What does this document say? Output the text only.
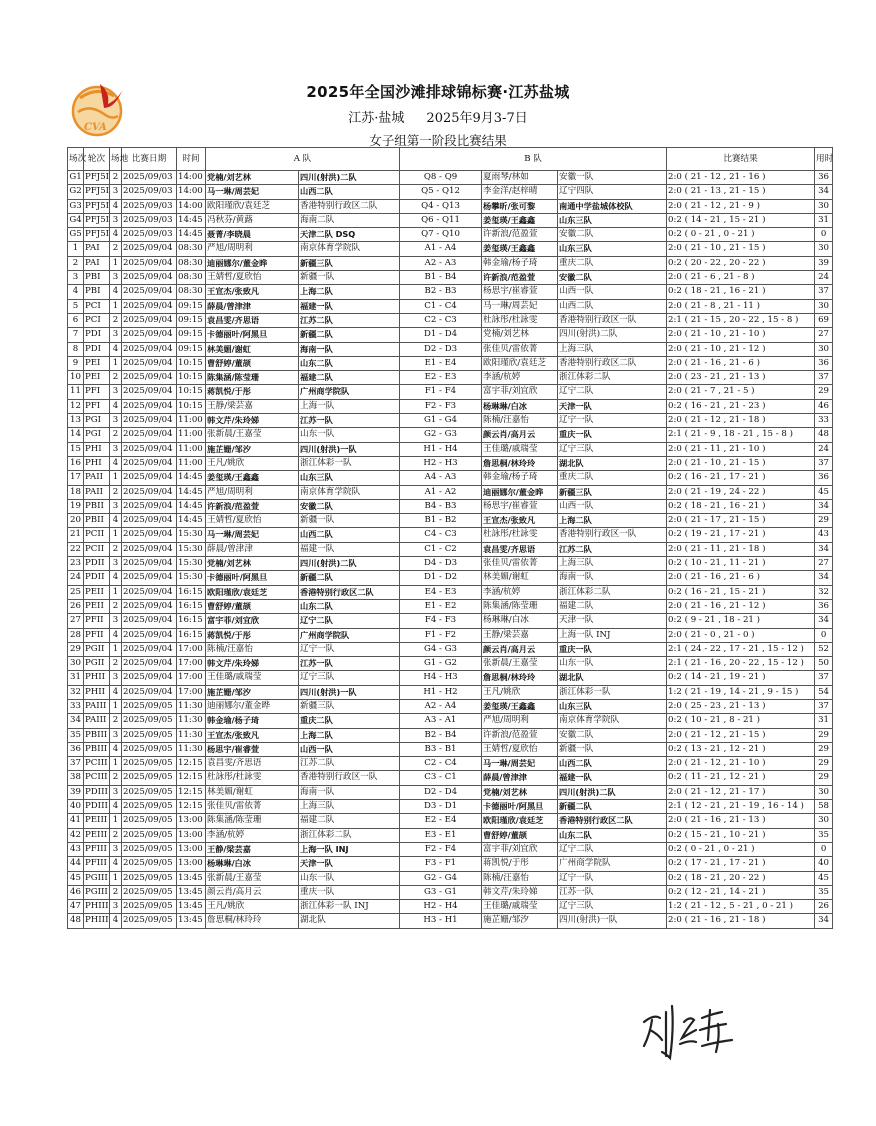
CVA
2025年全国沙滩排球锦标赛·江苏盐城
江苏·盐城 2025年9月3-7日
女子组第一阶段比赛结果
场次	轮次	场地	比赛日期	时间	A 队		B 队			比赛结果	用时
G1	PFJ5I	2	2025/09/03	14:00	党楠/刘艺林	四川(射洪)二队	Q8 - Q9	夏雨琴/林如	安徽一队	2:0 ( 21 - 12 , 21 - 16 )	36
G2	PFJ5I	3	2025/09/03	14:00	马一琳/周芸妃	山西二队	Q5 - Q12	李金洋/赵梓晴	辽宁四队	2:0 ( 21 - 13 , 21 - 15 )	34
G3	PFJ5I	4	2025/09/03	14:00	欧阳瑾欣/袁廷芝	香港特别行政区二队	Q4 - Q13	杨攀昕/张可黎	南通中学盐城体校队	2:0 ( 21 - 12 , 21 - 9 )	30
G4	PFJ5I	3	2025/09/03	14:45	冯秋芬/黄蕗	海南二队	Q6 - Q11	姜玺瑛/王鑫鑫	山东三队	0:2 ( 14 - 21 , 15 - 21 )	31
G5	PFJ5I	4	2025/09/03	14:45	聂菁/李晓晨	天津二队 DSQ	Q7 - Q10	许新浪/范盈萱	安徽二队	0:2 ( 0 - 21 , 0 - 21 )	0
1	PAI	2	2025/09/04	08:30	严旭/周明利	南京体育学院队	A1 - A4	姜玺瑛/王鑫鑫	山东三队	2:0 ( 21 - 10 , 21 - 15 )	30
2	PAI	1	2025/09/04	08:30	迪丽娜尔/董金晔	新疆三队	A2 - A3	韩金瑜/杨子琦	重庆二队	0:2 ( 20 - 22 , 20 - 22 )	39
3	PBI	3	2025/09/04	08:30	王婧哲/夏欣怡	新疆一队	B1 - B4	许新浪/范盈萱	安徽二队	2:0 ( 21 - 6 , 21 - 8 )	24
4	PBI	4	2025/09/04	08:30	王宣杰/张致凡	上海二队	B2 - B3	杨思宇/崔睿萱	山西一队	0:2 ( 18 - 21 , 16 - 21 )	37
5	PCI	1	2025/09/04	09:15	薛晨/曾津津	福建一队	C1 - C4	马一琳/周芸妃	山西二队	2:0 ( 21 - 8 , 21 - 11 )	30
6	PCI	2	2025/09/04	09:15	袁昌雯/齐思语	江苏二队	C2 - C3	杜詠彤/杜詠雯	香港特别行政区一队	2:1 ( 21 - 15 , 20 - 22 , 15 - 8 )	69
7	PDI	3	2025/09/04	09:15	卡德丽叶/阿黑旦	新疆二队	D1 - D4	党楠/刘艺林	四川(射洪)二队	2:0 ( 21 - 10 , 21 - 10 )	27
8	PDI	4	2025/09/04	09:15	林美媚/谢虹	海南一队	D2 - D3	张佳贝/雷依菁	上海三队	2:0 ( 21 - 10 , 21 - 12 )	30
9	PEI	1	2025/09/04	10:15	曹舒婷/董颉	山东二队	E1 - E4	欧阳瑾欣/袁廷芝	香港特别行政区二队	2:0 ( 21 - 16 , 21 - 6 )	36
10	PEI	2	2025/09/04	10:15	陈集涵/陈莹珊	福建二队	E2 - E3	李涵/杭婷	浙江体彩二队	2:0 ( 23 - 21 , 21 - 13 )	37
11	PFI	3	2025/09/04	10:15	蒋凯悦/于彤	广州商学院队	F1 - F4	富宇菲/刘宜欣	辽宁二队	2:0 ( 21 - 7 , 21 - 5 )	29
12	PFI	4	2025/09/04	10:15	王静/梁芸嘉	上海一队	F2 - F3	杨琳琳/白冰	天津一队	0:2 ( 16 - 21 , 21 - 23 )	46
13	PGI	3	2025/09/04	11:00	韩文芹/朱玲娣	江苏一队	G1 - G4	陈楠/汪嘉怡	辽宁一队	2:0 ( 21 - 12 , 21 - 18 )	33
14	PGI	2	2025/09/04	11:00	张新晨/王嘉莹	山东一队	G2 - G3	颜云肖/高月云	重庆一队	2:1 ( 21 - 9 , 18 - 21 , 15 - 8 )	48
15	PHI	3	2025/09/04	11:00	施芷姗/邹汐	四川(射洪)一队	H1 - H4	王佳璐/戚瑞莹	辽宁三队	2:0 ( 21 - 11 , 21 - 10 )	24
16	PHI	4	2025/09/04	11:00	王凡/姚欣	浙江体彩一队	H2 - H3	詹思桐/林玲玲	湖北队	2:0 ( 21 - 10 , 21 - 15 )	37
17	PAII	1	2025/09/04	14:45	姜玺瑛/王鑫鑫	山东三队	A4 - A3	韩金瑜/杨子琦	重庆二队	0:2 ( 16 - 21 , 17 - 21 )	36
18	PAII	2	2025/09/04	14:45	严旭/周明利	南京体育学院队	A1 - A2	迪丽娜尔/董金晔	新疆三队	2:0 ( 21 - 19 , 24 - 22 )	45
19	PBII	3	2025/09/04	14:45	许新浪/范盈萱	安徽二队	B4 - B3	杨思宇/崔睿萱	山西一队	0:2 ( 18 - 21 , 16 - 21 )	34
20	PBII	4	2025/09/04	14:45	王婧哲/夏欣怡	新疆一队	B1 - B2	王宣杰/张致凡	上海二队	2:0 ( 21 - 17 , 21 - 15 )	29
21	PCII	1	2025/09/04	15:30	马一琳/周芸妃	山西二队	C4 - C3	杜詠彤/杜詠雯	香港特别行政区一队	0:2 ( 19 - 21 , 17 - 21 )	43
22	PCII	2	2025/09/04	15:30	薛晨/曾津津	福建一队	C1 - C2	袁昌雯/齐思语	江苏二队	2:0 ( 21 - 11 , 21 - 18 )	34
23	PDII	3	2025/09/04	15:30	党楠/刘艺林	四川(射洪)二队	D4 - D3	张佳贝/雷依菁	上海三队	0:2 ( 10 - 21 , 11 - 21 )	27
24	PDII	4	2025/09/04	15:30	卡德丽叶/阿黑旦	新疆二队	D1 - D2	林美媚/谢虹	海南一队	2:0 ( 21 - 16 , 21 - 6 )	34
25	PEII	1	2025/09/04	16:15	欧阳瑾欣/袁廷芝	香港特别行政区二队	E4 - E3	李涵/杭婷	浙江体彩二队	0:2 ( 16 - 21 , 15 - 21 )	32
26	PEII	2	2025/09/04	16:15	曹舒婷/董颉	山东二队	E1 - E2	陈集涵/陈莹珊	福建二队	2:0 ( 21 - 16 , 21 - 12 )	36
27	PFII	3	2025/09/04	16:15	富宇菲/刘宜欣	辽宁二队	F4 - F3	杨琳琳/白冰	天津一队	0:2 ( 9 - 21 , 18 - 21 )	34
28	PFII	4	2025/09/04	16:15	蒋凯悦/于彤	广州商学院队	F1 - F2	王静/梁芸嘉	上海一队 INJ	2:0 ( 21 - 0 , 21 - 0 )	0
29	PGII	1	2025/09/04	17:00	陈楠/汪嘉怡	辽宁一队	G4 - G3	颜云肖/高月云	重庆一队	2:1 ( 24 - 22 , 17 - 21 , 15 - 12 )	52
30	PGII	2	2025/09/04	17:00	韩文芹/朱玲娣	江苏一队	G1 - G2	张新晨/王嘉莹	山东一队	2:1 ( 21 - 16 , 20 - 22 , 15 - 12 )	50
31	PHII	3	2025/09/04	17:00	王佳璐/戚瑞莹	辽宁三队	H4 - H3	詹思桐/林玲玲	湖北队	0:2 ( 14 - 21 , 19 - 21 )	37
32	PHII	4	2025/09/04	17:00	施芷姗/邹汐	四川(射洪)一队	H1 - H2	王凡/姚欣	浙江体彩一队	1:2 ( 21 - 19 , 14 - 21 , 9 - 15 )	54
33	PAIII	1	2025/09/05	11:30	迪丽娜尔/董金晔	新疆三队	A2 - A4	姜玺瑛/王鑫鑫	山东三队	2:0 ( 25 - 23 , 21 - 13 )	37
34	PAIII	2	2025/09/05	11:30	韩金瑜/杨子琦	重庆二队	A3 - A1	严旭/周明利	南京体育学院队	0:2 ( 10 - 21 , 8 - 21 )	31
35	PBIII	3	2025/09/05	11:30	王宣杰/张致凡	上海二队	B2 - B4	许新浪/范盈萱	安徽二队	2:0 ( 21 - 12 , 21 - 15 )	29
36	PBIII	4	2025/09/05	11:30	杨思宇/崔睿萱	山西一队	B3 - B1	王婧哲/夏欣怡	新疆一队	0:2 ( 13 - 21 , 12 - 21 )	29
37	PCIII	1	2025/09/05	12:15	袁昌雯/齐思语	江苏二队	C2 - C4	马一琳/周芸妃	山西二队	2:0 ( 21 - 12 , 21 - 10 )	29
38	PCIII	2	2025/09/05	12:15	杜詠彤/杜詠雯	香港特别行政区一队	C3 - C1	薛晨/曾津津	福建一队	0:2 ( 11 - 21 , 12 - 21 )	29
39	PDIII	3	2025/09/05	12:15	林美媚/谢虹	海南一队	D2 - D4	党楠/刘艺林	四川(射洪)二队	2:0 ( 21 - 12 , 21 - 17 )	30
40	PDIII	4	2025/09/05	12:15	张佳贝/雷依菁	上海三队	D3 - D1	卡德丽叶/阿黑旦	新疆二队	2:1 ( 12 - 21 , 21 - 19 , 16 - 14 )	58
41	PEIII	1	2025/09/05	13:00	陈集涵/陈莹珊	福建二队	E2 - E4	欧阳瑾欣/袁廷芝	香港特别行政区二队	2:0 ( 21 - 16 , 21 - 13 )	30
42	PEIII	2	2025/09/05	13:00	李涵/杭婷	浙江体彩二队	E3 - E1	曹舒婷/董颉	山东二队	0:2 ( 15 - 21 , 10 - 21 )	35
43	PFIII	3	2025/09/05	13:00	王静/梁芸嘉	上海一队 INJ	F2 - F4	富宇菲/刘宜欣	辽宁二队	0:2 ( 0 - 21 , 0 - 21 )	0
44	PFIII	4	2025/09/05	13:00	杨琳琳/白冰	天津一队	F3 - F1	蒋凯悦/于彤	广州商学院队	0:2 ( 17 - 21 , 17 - 21 )	40
45	PGIII	1	2025/09/05	13:45	张新晨/王嘉莹	山东一队	G2 - G4	陈楠/汪嘉怡	辽宁一队	0:2 ( 18 - 21 , 20 - 22 )	45
46	PGIII	2	2025/09/05	13:45	颜云肖/高月云	重庆一队	G3 - G1	韩文芹/朱玲娣	江苏一队	0:2 ( 12 - 21 , 14 - 21 )	35
47	PHIII	3	2025/09/05	13:45	王凡/姚欣	浙江体彩一队 INJ	H2 - H4	王佳璐/戚瑞莹	辽宁三队	1:2 ( 21 - 12 , 5 - 21 , 0 - 21 )	26
48	PHIII	4	2025/09/05	13:45	詹思桐/林玲玲	湖北队	H3 - H1	施芷姗/邹汐	四川(射洪)一队	2:0 ( 21 - 16 , 21 - 18 )	34
